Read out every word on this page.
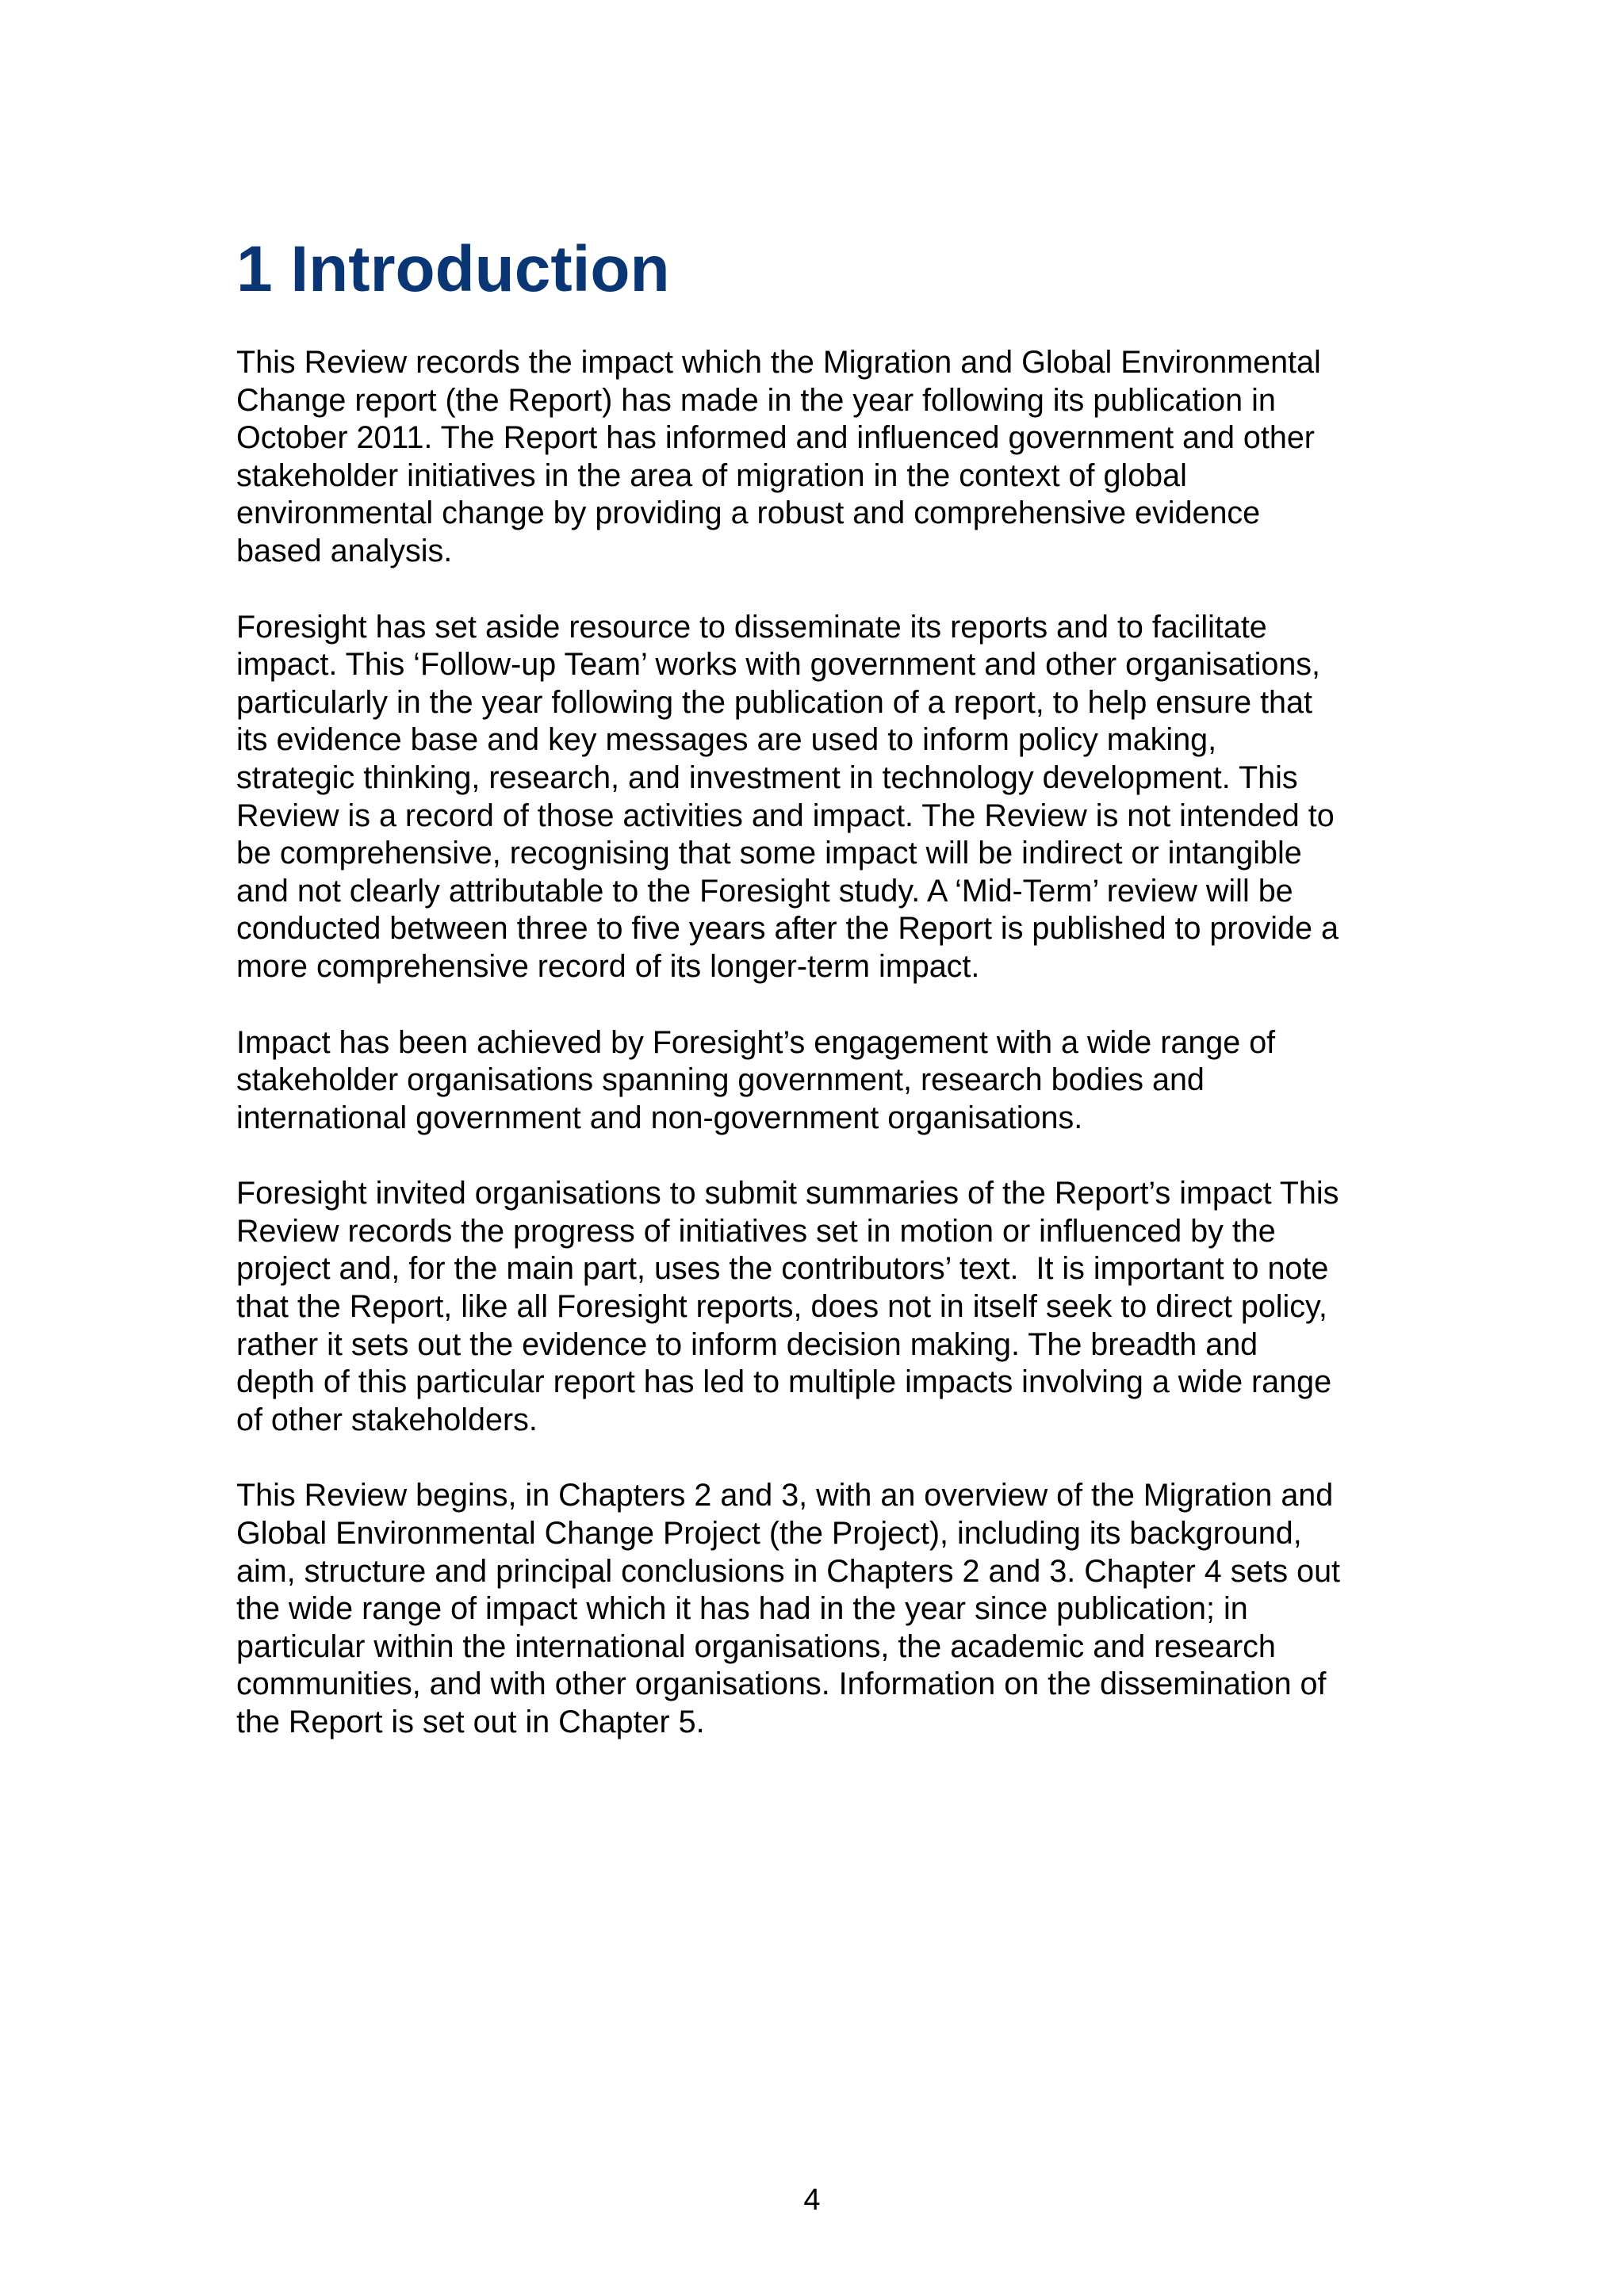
1 Introduction

This Review records the impact which the Migration and Global Environmental
Change report (the Report) has made in the year following its publication in
October 2011. The Report has informed and influenced government and other
stakeholder initiatives in the area of migration in the context of global
environmental change by providing a robust and comprehensive evidence
based analysis.

Foresight has set aside resource to disseminate its reports and to facilitate
impact. This ‘Follow-up Team’ works with government and other organisations,
particularly in the year following the publication of a report, to help ensure that
its evidence base and key messages are used to inform policy making,
strategic thinking, research, and investment in technology development. This
Review is a record of those activities and impact. The Review is not intended to
be comprehensive, recognising that some impact will be indirect or intangible
and not clearly attributable to the Foresight study. A ‘Mid-Term’ review will be
conducted between three to five years after the Report is published to provide a
more comprehensive record of its longer-term impact.

Impact has been achieved by Foresight’s engagement with a wide range of
stakeholder organisations spanning government, research bodies and
international government and non-government organisations.

Foresight invited organisations to submit summaries of the Report’s impact This
Review records the progress of initiatives set in motion or influenced by the
project and, for the main part, uses the contributors’ text.  It is important to note
that the Report, like all Foresight reports, does not in itself seek to direct policy,
rather it sets out the evidence to inform decision making. The breadth and
depth of this particular report has led to multiple impacts involving a wide range
of other stakeholders.

This Review begins, in Chapters 2 and 3, with an overview of the Migration and
Global Environmental Change Project (the Project), including its background,
aim, structure and principal conclusions in Chapters 2 and 3. Chapter 4 sets out
the wide range of impact which it has had in the year since publication; in
particular within the international organisations, the academic and research
communities, and with other organisations. Information on the dissemination of
the Report is set out in Chapter 5.

4
